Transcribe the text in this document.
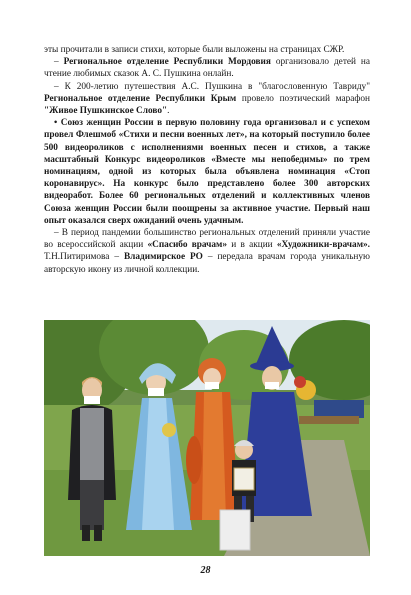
эты прочитали в записи стихи, которые были выложены на страницах СЖР.

– Региональное отделение Республики Мордовия организовало детей на чтение любимых сказок А. С. Пушкина онлайн.

– К 200-летию путешествия А.С. Пушкина в "благословенную Тавриду" Региональное отделение Республики Крым провело поэтический марафон "Живое Пушкинское Слово".

• Союз женщин России в первую половину года организовал и с успехом провел Флешмоб «Стихи и песни военных лет», на который поступило более 500 видеороликов с исполнениями военных песен и стихов, а также масштабный Конкурс видеороликов «Вместе мы непобедимы» по трем номинациям, одной из которых была объявлена номинация «Стоп коронавирус». На конкурс было представлено более 300 авторских видеоработ. Более 60 региональных отделений и коллективных членов Союза женщин России были поощрены за активное участие. Первый наш опыт оказался сверх ожиданий очень удачным.

– В период пандемии большинство региональных отделений приняли участие во всероссийской акции «Спасибо врачам» и в акции «Художники-врачам». Т.Н.Питиримова – Владимирское РО – передала врачам города уникальную авторскую икону из личной коллекции.

28
